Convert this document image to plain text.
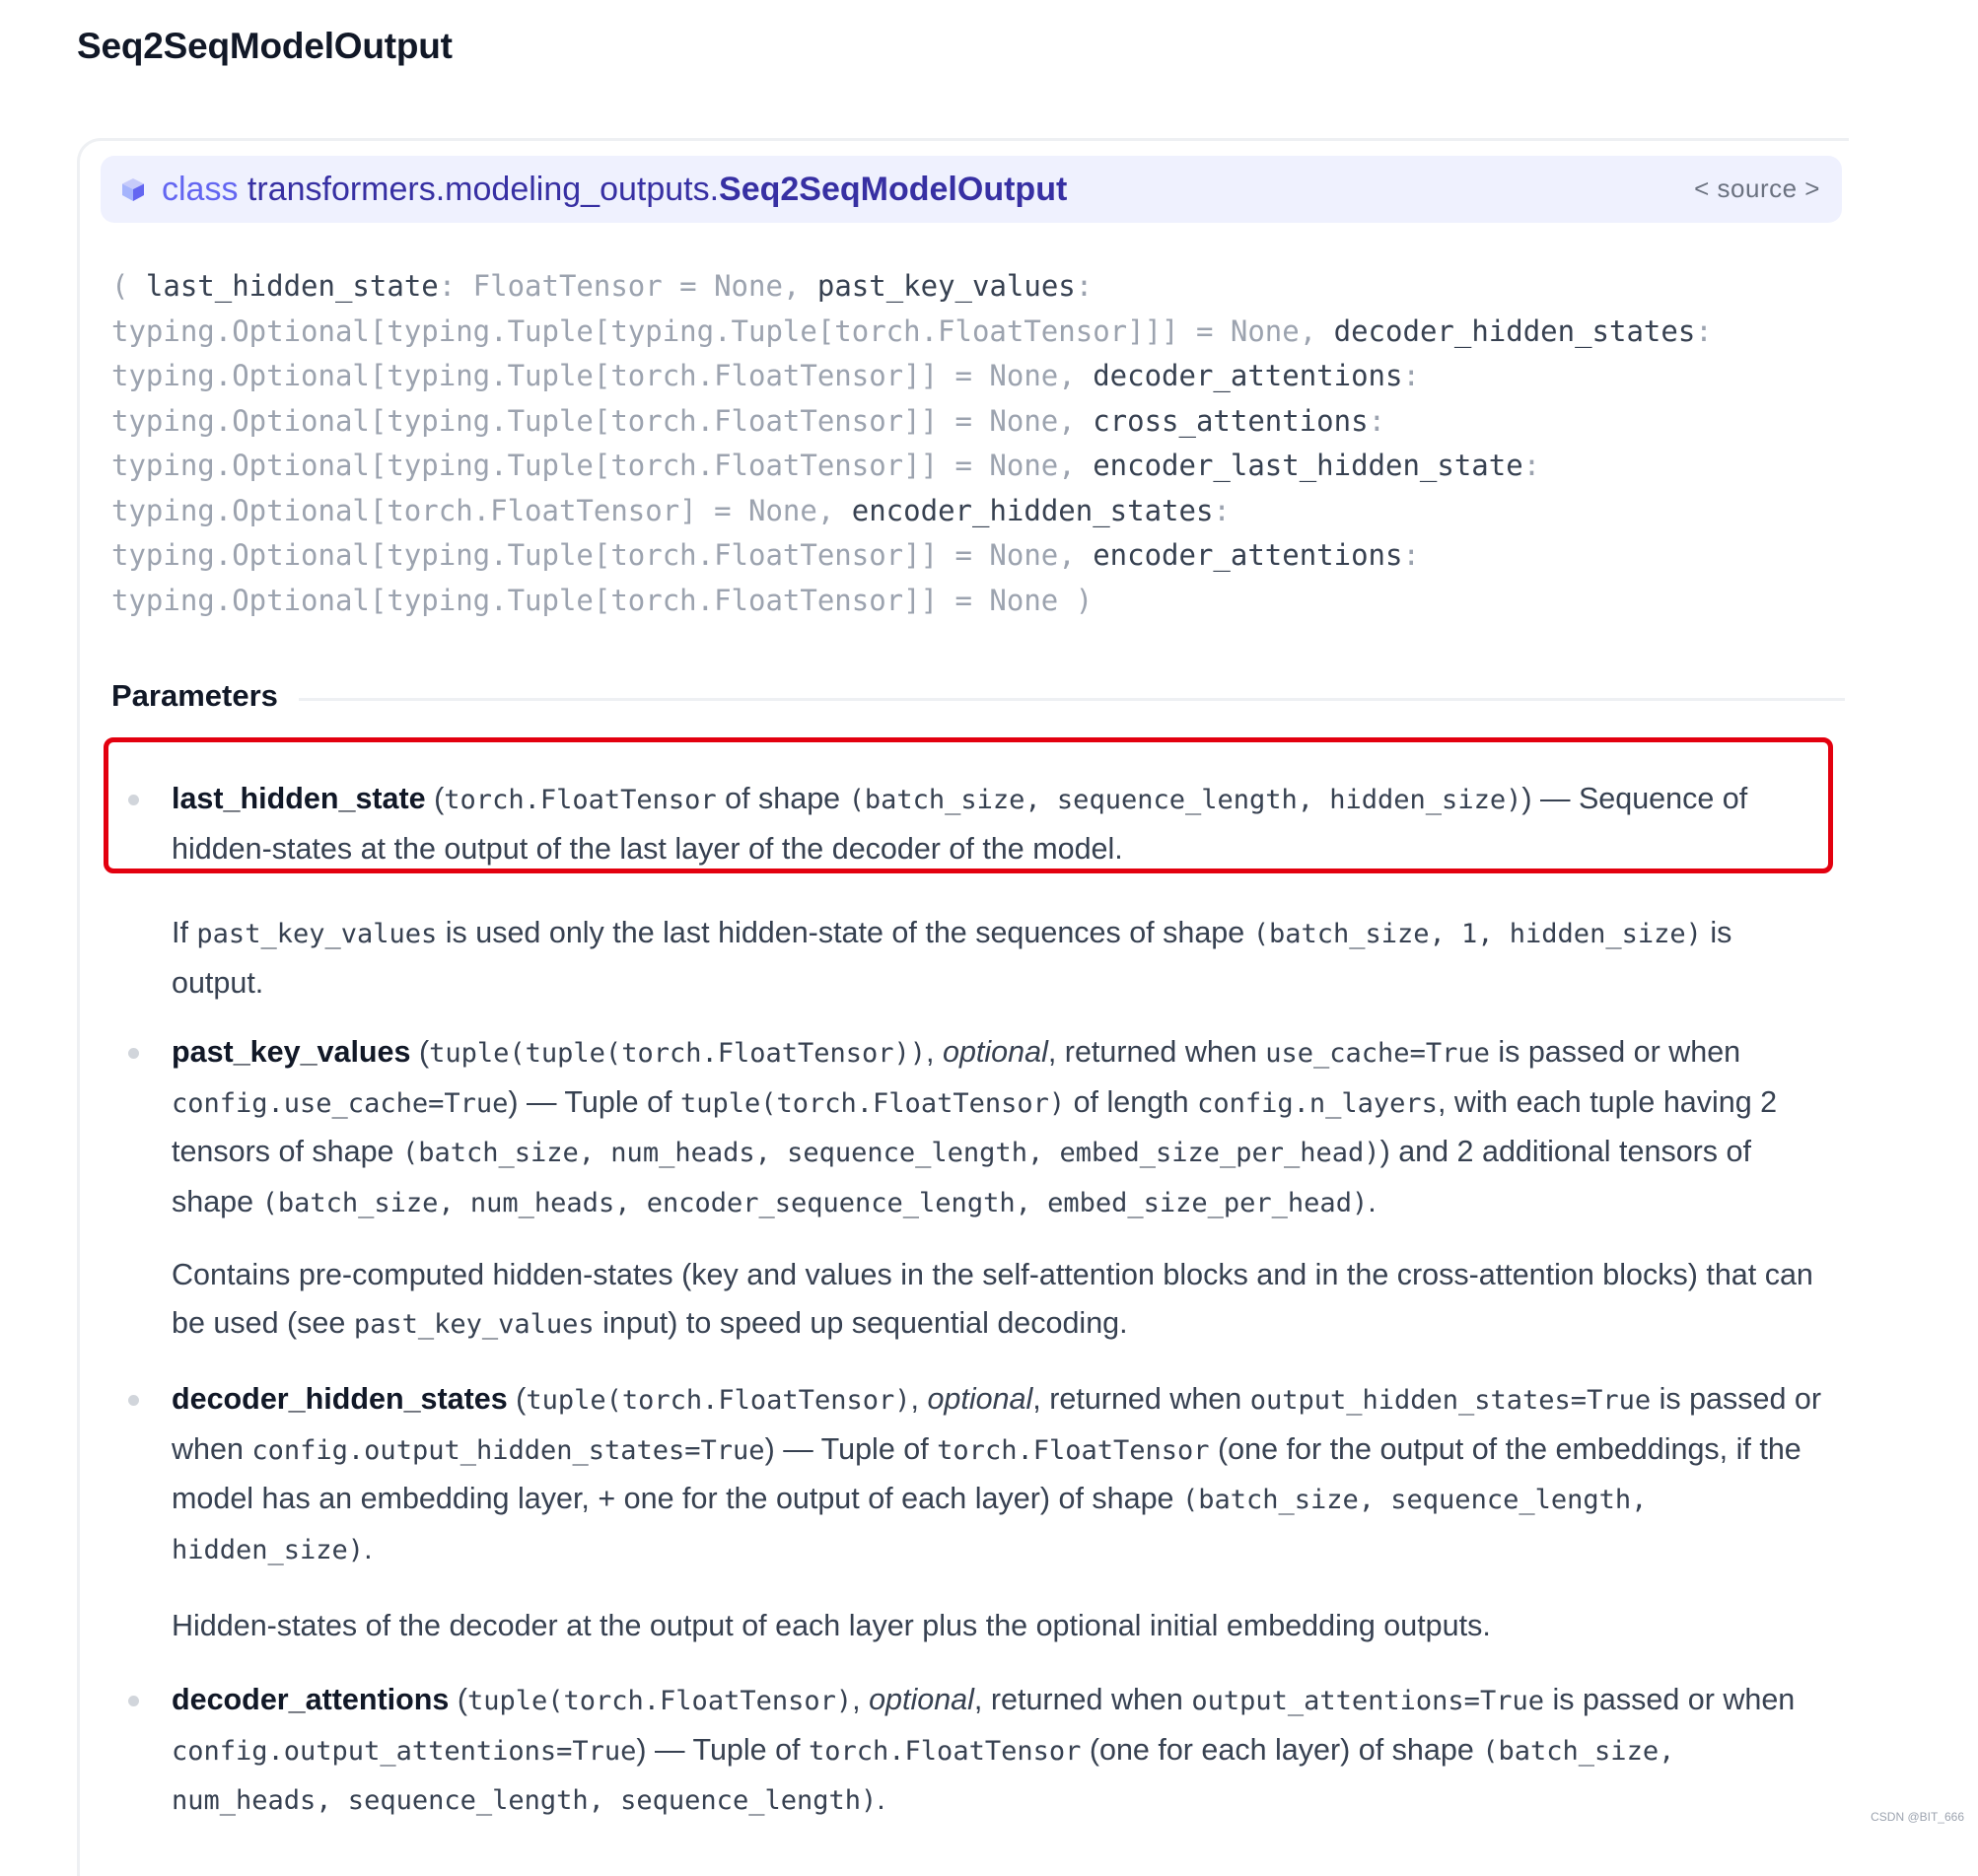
Seq2SeqModelOutput
class transformers.modeling_outputs.Seq2SeqModelOutput	< source >
( last_hidden_state: FloatTensor = None, past_key_values:
typing.Optional[typing.Tuple[typing.Tuple[torch.FloatTensor]]] = None, decoder_hidden_states:
typing.Optional[typing.Tuple[torch.FloatTensor]] = None, decoder_attentions:
typing.Optional[typing.Tuple[torch.FloatTensor]] = None, cross_attentions:
typing.Optional[typing.Tuple[torch.FloatTensor]] = None, encoder_last_hidden_state:
typing.Optional[torch.FloatTensor] = None, encoder_hidden_states:
typing.Optional[typing.Tuple[torch.FloatTensor]] = None, encoder_attentions:
typing.Optional[typing.Tuple[torch.FloatTensor]] = None )
Parameters
last_hidden_state (torch.FloatTensor of shape (batch_size, sequence_length, hidden_size)) — Sequence of hidden-states at the output of the last layer of the decoder of the model.
If past_key_values is used only the last hidden-state of the sequences of shape (batch_size, 1, hidden_size) is output.
past_key_values (tuple(tuple(torch.FloatTensor)), optional, returned when use_cache=True is passed or when config.use_cache=True) — Tuple of tuple(torch.FloatTensor) of length config.n_layers, with each tuple having 2 tensors of shape (batch_size, num_heads, sequence_length, embed_size_per_head)) and 2 additional tensors of shape (batch_size, num_heads, encoder_sequence_length, embed_size_per_head).
Contains pre-computed hidden-states (key and values in the self-attention blocks and in the cross-attention blocks) that can be used (see past_key_values input) to speed up sequential decoding.
decoder_hidden_states (tuple(torch.FloatTensor), optional, returned when output_hidden_states=True is passed or when config.output_hidden_states=True) — Tuple of torch.FloatTensor (one for the output of the embeddings, if the model has an embedding layer, + one for the output of each layer) of shape (batch_size, sequence_length, hidden_size).
Hidden-states of the decoder at the output of each layer plus the optional initial embedding outputs.
decoder_attentions (tuple(torch.FloatTensor), optional, returned when output_attentions=True is passed or when config.output_attentions=True) — Tuple of torch.FloatTensor (one for each layer) of shape (batch_size, num_heads, sequence_length, sequence_length).
CSDN @BIT_666
